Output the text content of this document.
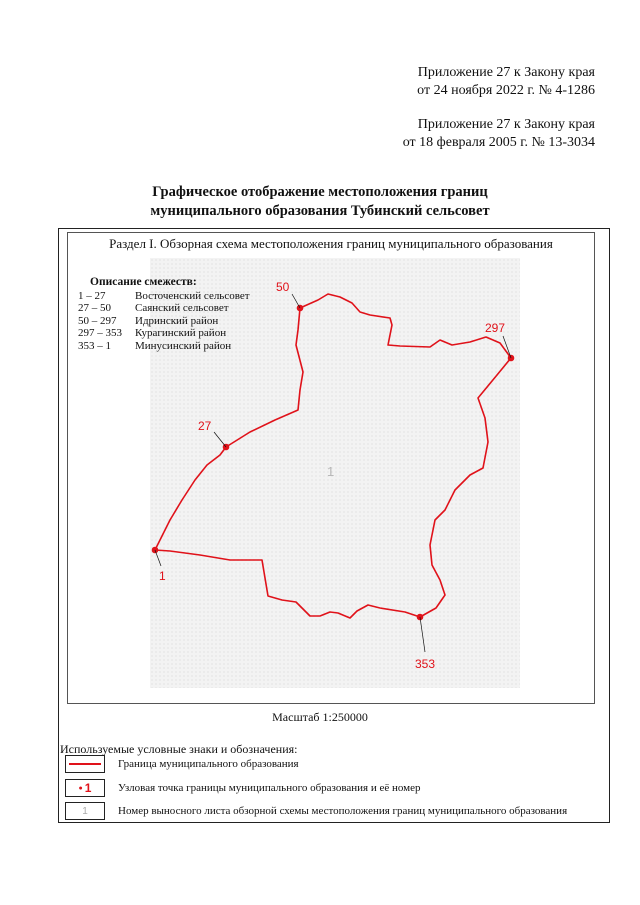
Приложение 27 к Закону края
от 24 ноября 2022 г. № 4-1286
Приложение 27 к Закону края
от 18 февраля 2005 г. № 13-3034
Графическое отображение местоположения границ
муниципального образования Тубинский сельсовет
Раздел I. Обзорная схема местоположения границ муниципального образования
1
27
50
297
353
1
Описание смежеств:
1 – 27	Восточенский сельсовет
27 – 50	Саянский сельсовет
50 – 297	Идринский район
297 – 353	Курагинский район
353 – 1	Минусинский район
Масштаб 1:250000
Используемые условные знаки и обозначения:
Граница муниципального образования
● 1 Узловая точка границы муниципального образования и её номер
1	Номер выносного листа обзорной схемы местоположения границ муниципального образования
